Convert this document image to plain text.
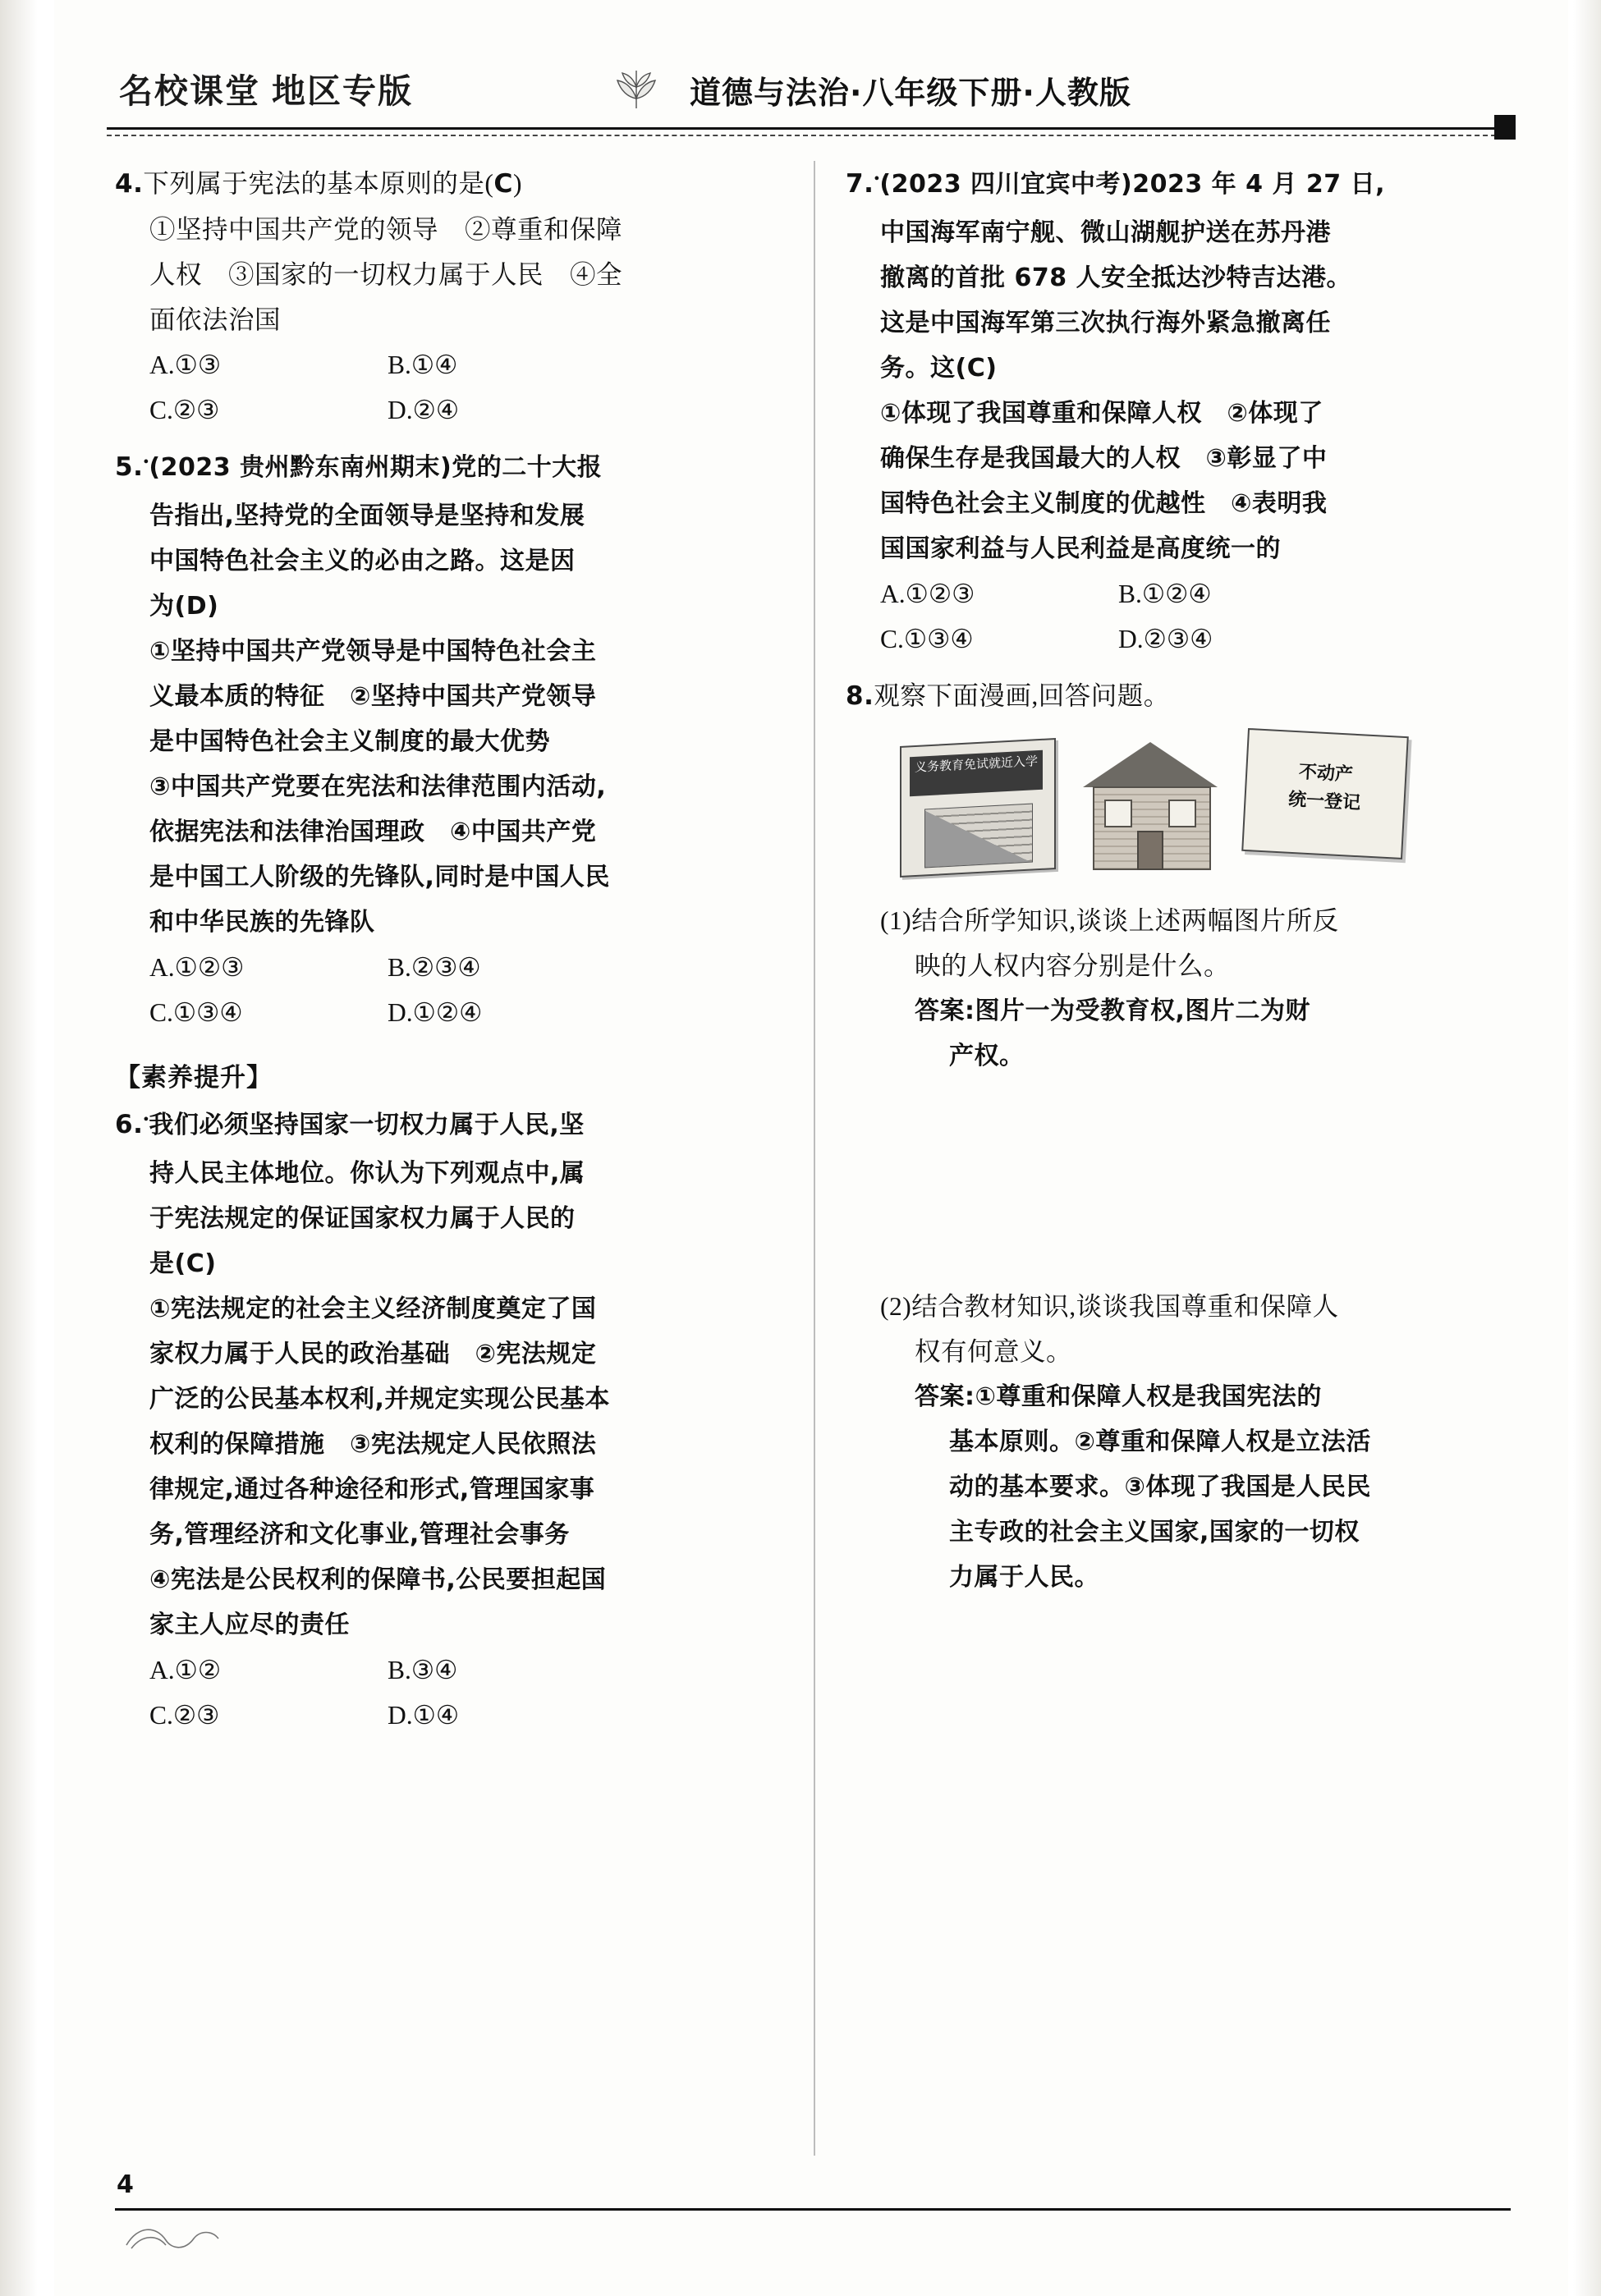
名校课堂 地区专版	道德与法治·八年级下册·人教版
4.下列属于宪法的基本原则的是(C)
①坚持中国共产党的领导　②尊重和保障
人权　③国家的一切权力属于人民　④全
面依法治国
A.①③	B.①④
C.②③	D.②④
5.•(2023 贵州黔东南州期末)党的二十大报
告指出,坚持党的全面领导是坚持和发展
中国特色社会主义的必由之路。这是因
为(D)
①坚持中国共产党领导是中国特色社会主
义最本质的特征　②坚持中国共产党领导
是中国特色社会主义制度的最大优势
③中国共产党要在宪法和法律范围内活动,
依据宪法和法律治国理政　④中国共产党
是中国工人阶级的先锋队,同时是中国人民
和中华民族的先锋队
A.①②③	B.②③④
C.①③④	D.①②④
【素养提升】
6.•我们必须坚持国家一切权力属于人民,坚
持人民主体地位。你认为下列观点中,属
于宪法规定的保证国家权力属于人民的
是(C)
①宪法规定的社会主义经济制度奠定了国
家权力属于人民的政治基础　②宪法规定
广泛的公民基本权利,并规定实现公民基本
权利的保障措施　③宪法规定人民依照法
律规定,通过各种途径和形式,管理国家事
务,管理经济和文化事业,管理社会事务
④宪法是公民权利的保障书,公民要担起国
家主人应尽的责任
A.①②	B.③④
C.②③	D.①④
7.•(2023 四川宜宾中考)2023 年 4 月 27 日,
中国海军南宁舰、微山湖舰护送在苏丹港
撤离的首批 678 人安全抵达沙特吉达港。
这是中国海军第三次执行海外紧急撤离任
务。这(C)
①体现了我国尊重和保障人权　②体现了
确保生存是我国最大的人权　③彰显了中
国特色社会主义制度的优越性　④表明我
国国家利益与人民利益是高度统一的
A.①②③	B.①②④
C.①③④	D.②③④
8.观察下面漫画,回答问题。
义务教育免试就近入学	不动产
统一登记
(1)结合所学知识,谈谈上述两幅图片所反
映的人权内容分别是什么。
答案:图片一为受教育权,图片二为财
产权。
(2)结合教材知识,谈谈我国尊重和保障人
权有何意义。
答案:①尊重和保障人权是我国宪法的
基本原则。②尊重和保障人权是立法活
动的基本要求。③体现了我国是人民民
主专政的社会主义国家,国家的一切权
力属于人民。
4
